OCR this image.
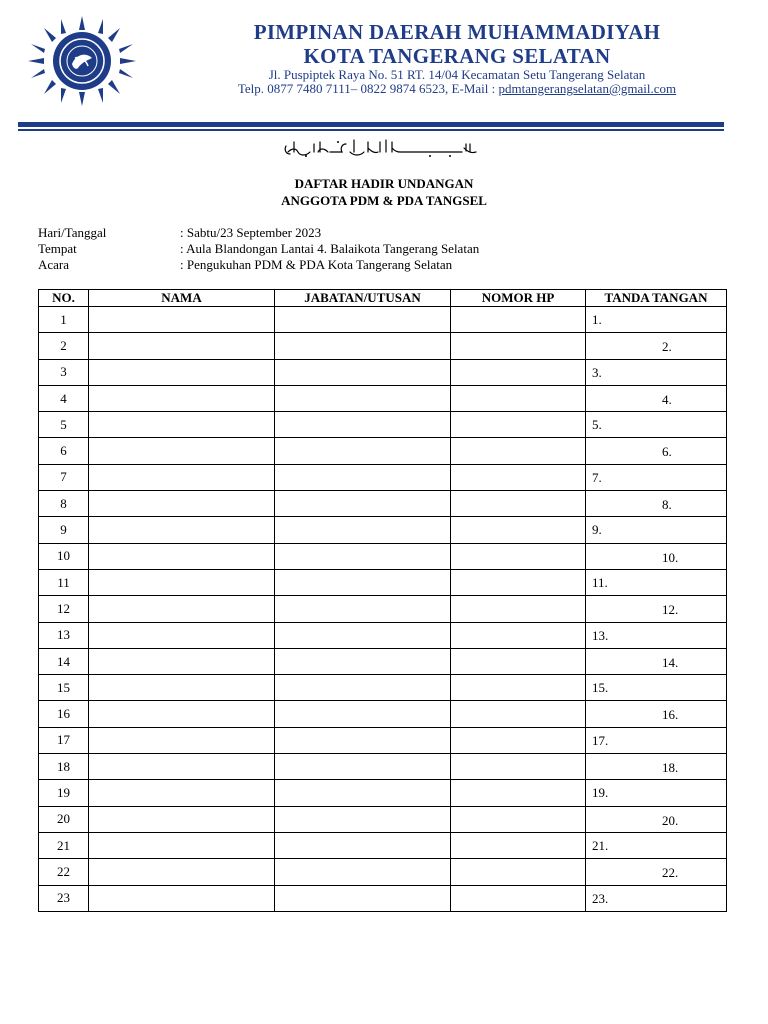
PIMPINAN DAERAH MUHAMMADIYAH
KOTA TANGERANG SELATAN
Jl. Puspiptek Raya No. 51 RT. 14/04 Kecamatan Setu Tangerang Selatan
Telp. 0877 7480 7111– 0822 9874 6523, E-Mail : pdmtangerangselatan@gmail.com
DAFTAR HADIR UNDANGAN
ANGGOTA PDM & PDA TANGSEL
Hari/Tanggal	: Sabtu/23 September 2023
Tempat	: Aula Blandongan Lantai 4. Balaikota Tangerang Selatan
Acara	: Pengukuhan PDM & PDA Kota Tangerang Selatan
NO.	NAMA	JABATAN/UTUSAN	NOMOR HP	TANDA TANGAN
1				1.

2				2.

3				3.

4				4.

5				5.

6				6.

7				7.

8				8.

9				9.

10				10.

11				11.

12				12.

13				13.

14				14.

15				15.

16				16.

17				17.

18				18.

19				19.

20				20.

21				21.

22				22.

23				23.
